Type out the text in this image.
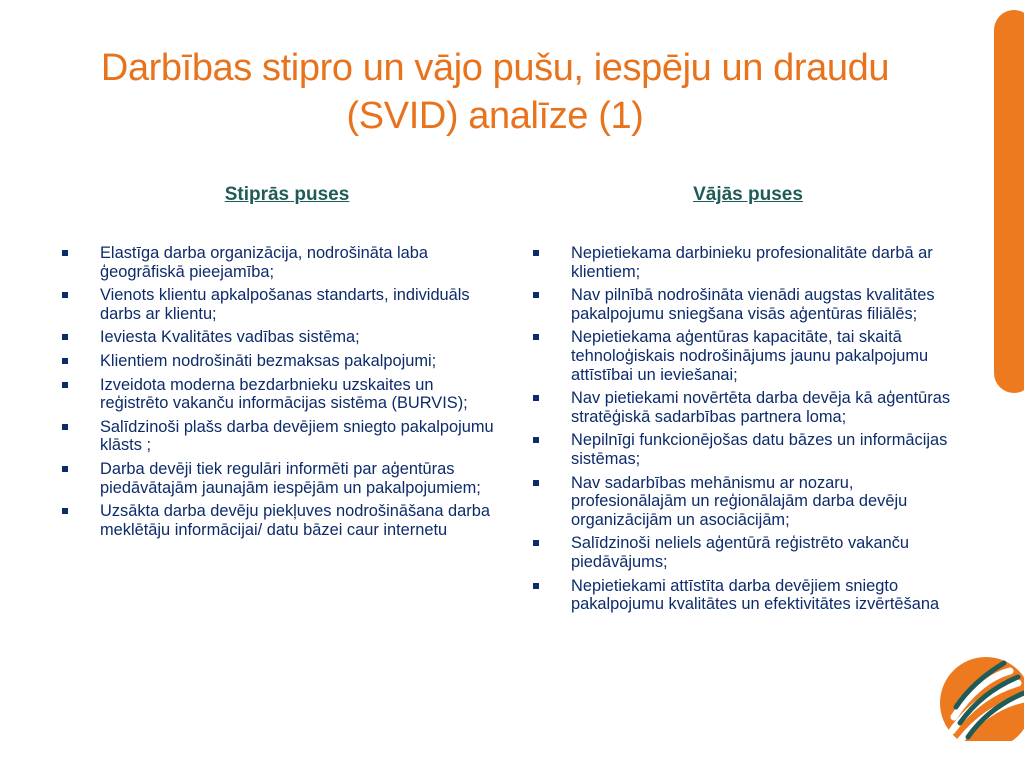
Darbības stipro un vājo pušu, iespēju un draudu (SVID) analīze (1)
Stiprās puses
Elastīga darba organizācija, nodrošināta laba ģeogrāfiskā pieejamība;
Vienots klientu apkalpošanas standarts, individuāls darbs ar klientu;
Ieviesta Kvalitātes vadības sistēma;
Klientiem nodrošināti bezmaksas pakalpojumi;
Izveidota moderna bezdarbnieku uzskaites un reģistrēto vakanču informācijas sistēma (BURVIS);
Salīdzinoši plašs darba devējiem sniegto pakalpojumu klāsts ;
Darba devēji tiek regulāri informēti par aģentūras piedāvātajām jaunajām iespējām un pakalpojumiem;
Uzsākta darba devēju piekļuves nodrošināšana darba meklētāju informācijai/ datu bāzei caur internetu
Vājās puses
Nepietiekama darbinieku profesionalitāte darbā ar klientiem;
Nav pilnībā nodrošināta vienādi augstas kvalitātes pakalpojumu sniegšana visās aģentūras filiālēs;
Nepietiekama aģentūras kapacitāte, tai skaitā tehnoloģiskais nodrošinājums jaunu pakalpojumu attīstībai un ieviešanai;
Nav pietiekami novērtēta darba devēja kā aģentūras stratēģiskā sadarbības partnera loma;
Nepilnīgi funkcionējošas datu bāzes un informācijas sistēmas;
Nav sadarbības mehānismu ar nozaru, profesionālajām un reģionālajām darba devēju organizācijām un asociācijām;
Salīdzinoši neliels aģentūrā reģistrēto vakanču piedāvājums;
Nepietiekami attīstīta darba devējiem sniegto pakalpojumu kvalitātes un efektivitātes izvērtēšana
